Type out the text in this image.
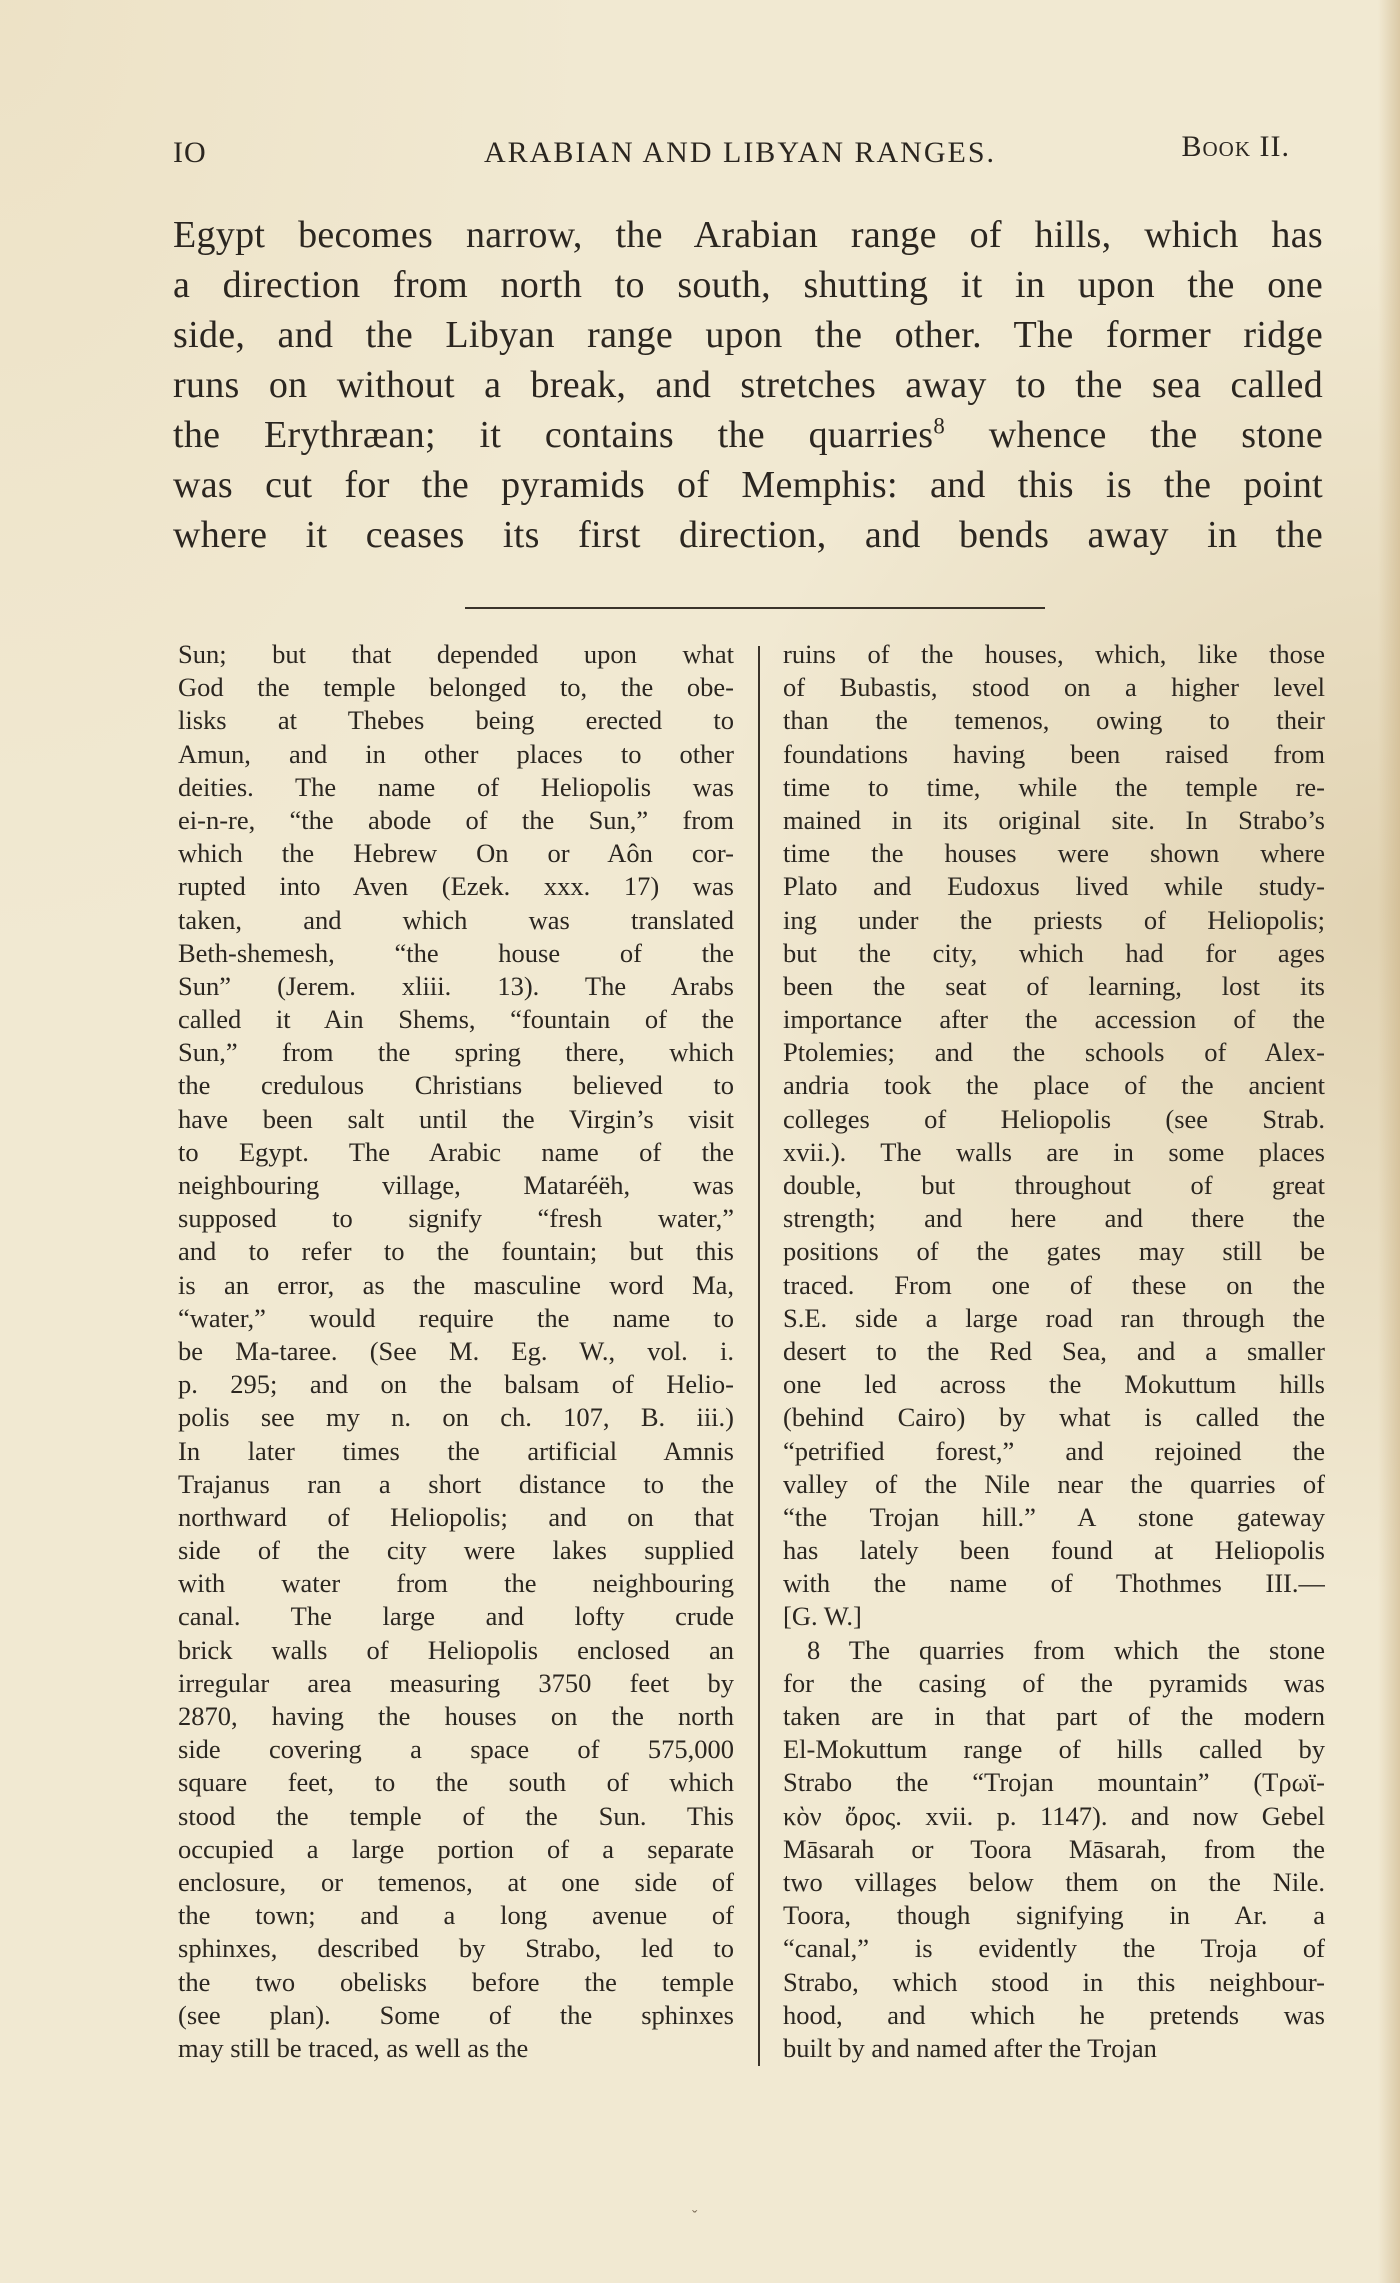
IO	ARABIAN AND LIBYAN RANGES.	Book II.
Egypt becomes narrow, the Arabian range of hills, which has
a direction from north to south, shutting it in upon the one
side, and the Libyan range upon the other. The former ridge
runs on without a break, and stretches away to the sea called
the Erythræan; it contains the quarries$^8$ whence the stone
was cut for the pyramids of Memphis: and this is the point
where it ceases its first direction, and bends away in the
Sun; but that depended upon what
God the temple belonged to, the obe-
lisks at Thebes being erected to
Amun, and in other places to other
deities. The name of Heliopolis was
ei-n-re, “the abode of the Sun,” from
which the Hebrew On or Aôn cor-
rupted into Aven (Ezek. xxx. 17) was
taken, and which was translated
Beth-shemesh, “the house of the
Sun” (Jerem. xliii. 13). The Arabs
called it Ain Shems, “fountain of the
Sun,” from the spring there, which
the credulous Christians believed to
have been salt until the Virgin’s visit
to Egypt. The Arabic name of the
neighbouring village, Mataréëh, was
supposed to signify “fresh water,”
and to refer to the fountain; but this
is an error, as the masculine word Ma,
“water,” would require the name to
be Ma-taree. (See M. Eg. W., vol. i.
p. 295; and on the balsam of Helio-
polis see my n. on ch. 107, B. iii.)
In later times the artificial Amnis
Trajanus ran a short distance to the
northward of Heliopolis; and on that
side of the city were lakes supplied
with water from the neighbouring
canal. The large and lofty crude
brick walls of Heliopolis enclosed an
irregular area measuring 3750 feet by
2870, having the houses on the north
side covering a space of 575,000
square feet, to the south of which
stood the temple of the Sun. This
occupied a large portion of a separate
enclosure, or temenos, at one side of
the town; and a long avenue of
sphinxes, described by Strabo, led to
the two obelisks before the temple
(see plan). Some of the sphinxes
may still be traced, as well as the
ruins of the houses, which, like those
of Bubastis, stood on a higher level
than the temenos, owing to their
foundations having been raised from
time to time, while the temple re-
mained in its original site. In Strabo’s
time the houses were shown where
Plato and Eudoxus lived while study-
ing under the priests of Heliopolis;
but the city, which had for ages
been the seat of learning, lost its
importance after the accession of the
Ptolemies; and the schools of Alex-
andria took the place of the ancient
colleges of Heliopolis (see Strab.
xvii.). The walls are in some places
double, but throughout of great
strength; and here and there the
positions of the gates may still be
traced. From one of these on the
S.E. side a large road ran through the
desert to the Red Sea, and a smaller
one led across the Mokuttum hills
(behind Cairo) by what is called the
“petrified forest,” and rejoined the
valley of the Nile near the quarries of
“the Trojan hill.” A stone gateway
has lately been found at Heliopolis
with the name of Thothmes III.—
[G. W.]
8 The quarries from which the stone
for the casing of the pyramids was
taken are in that part of the modern
El-Mokuttum range of hills called by
Strabo the “Trojan mountain” (Τρωϊ-
κὸν ὄρος. xvii. p. 1147). and now Gebel
Māsarah or Toora Māsarah, from the
two villages below them on the Nile.
Toora, though signifying in Ar. a
“canal,” is evidently the Troja of
Strabo, which stood in this neighbour-
hood, and which he pretends was
built by and named after the Trojan
ˇ
